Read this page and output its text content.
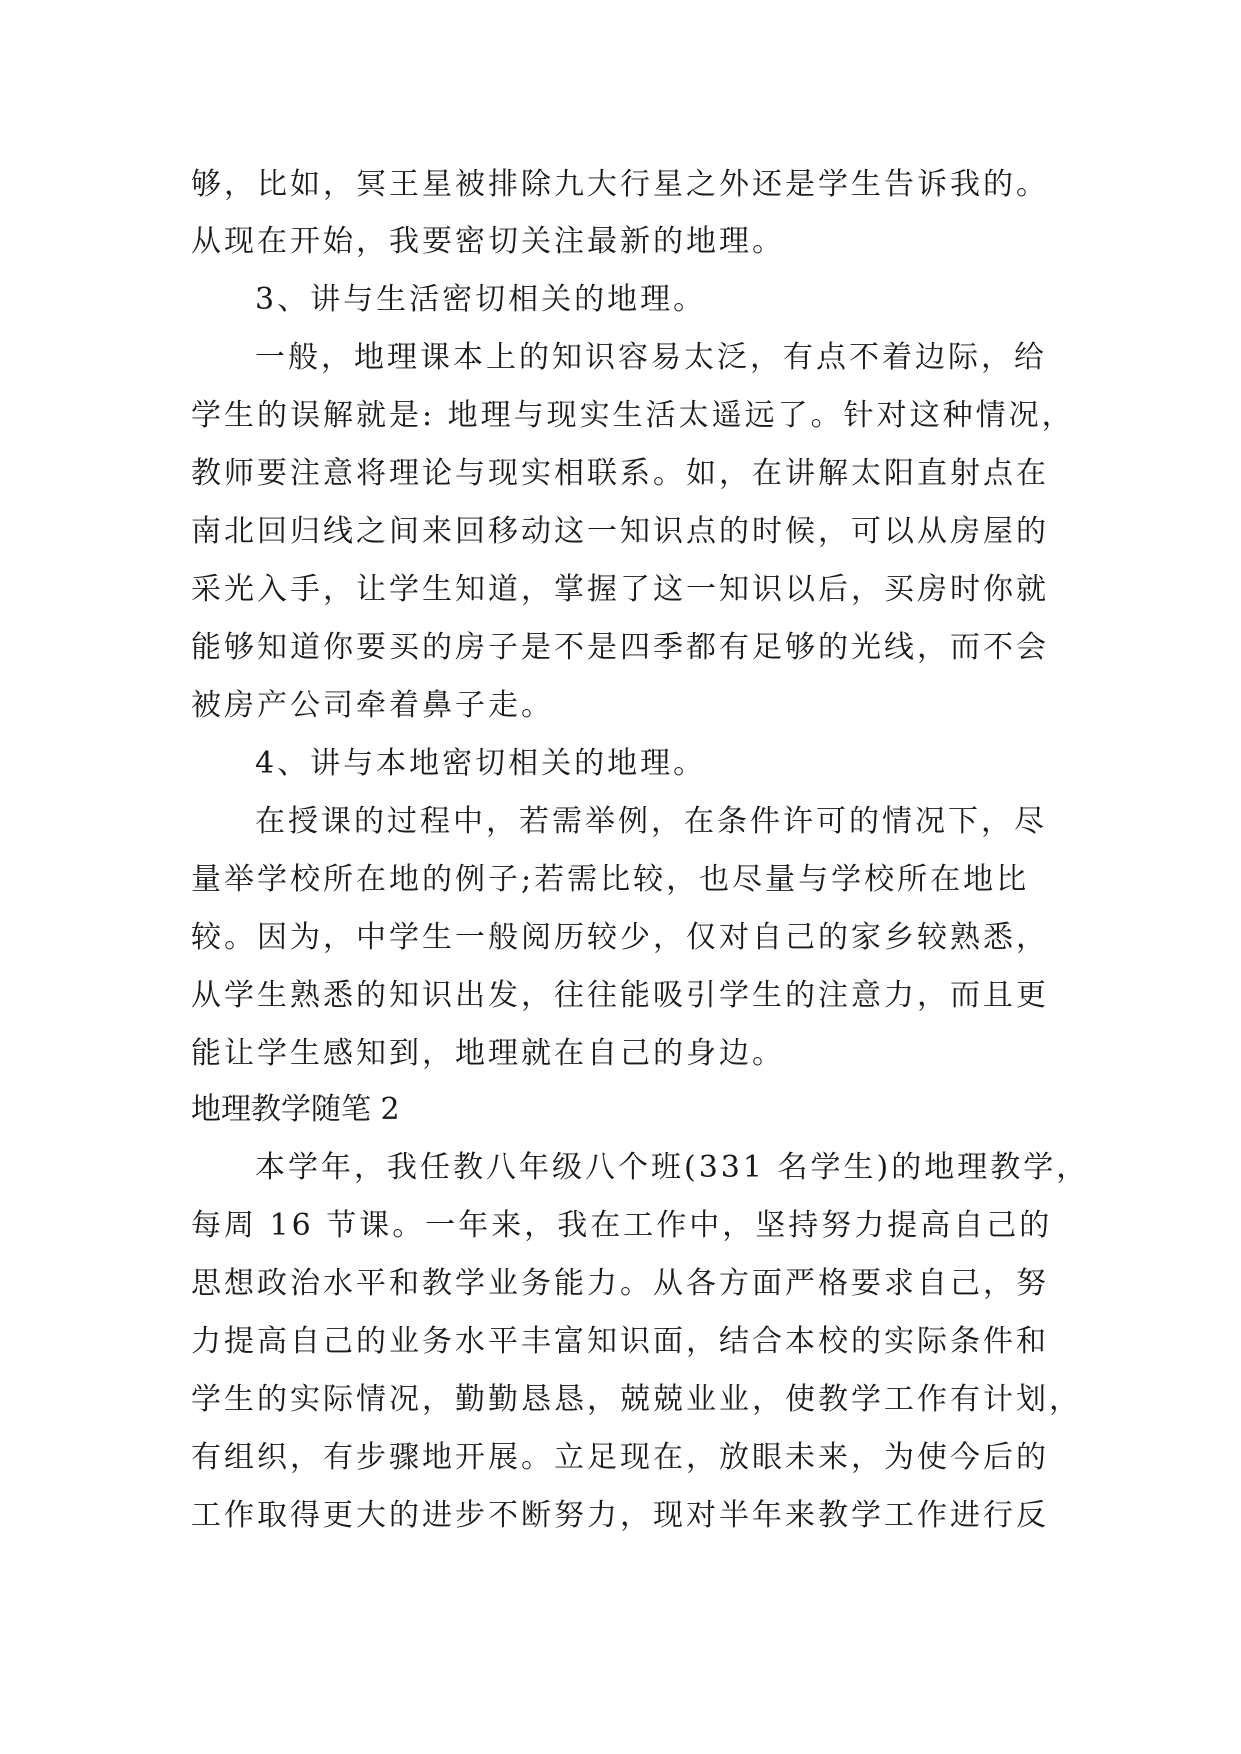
够，比如，冥王星被排除九大行星之外还是学生告诉我的。
从现在开始，我要密切关注最新的地理。
3、讲与生活密切相关的地理。
一般，地理课本上的知识容易太泛，有点不着边际，给
学生的误解就是: 地理与现实生活太遥远了。针对这种情况，
教师要注意将理论与现实相联系。如，在讲解太阳直射点在
南北回归线之间来回移动这一知识点的时候，可以从房屋的
采光入手，让学生知道，掌握了这一知识以后，买房时你就
能够知道你要买的房子是不是四季都有足够的光线，而不会
被房产公司牵着鼻子走。
4、讲与本地密切相关的地理。
在授课的过程中，若需举例，在条件许可的情况下，尽
量举学校所在地的例子;若需比较，也尽量与学校所在地比
较。因为，中学生一般阅历较少，仅对自己的家乡较熟悉，
从学生熟悉的知识出发，往往能吸引学生的注意力，而且更
能让学生感知到，地理就在自己的身边。
地理教学随笔 2
本学年，我任教八年级八个班(331 名学生)的地理教学，
每周 16 节课。一年来，我在工作中，坚持努力提高自己的
思想政治水平和教学业务能力。从各方面严格要求自己，努
力提高自己的业务水平丰富知识面，结合本校的实际条件和
学生的实际情况，勤勤恳恳，兢兢业业，使教学工作有计划，
有组织，有步骤地开展。立足现在，放眼未来，为使今后的
工作取得更大的进步不断努力，现对半年来教学工作进行反
